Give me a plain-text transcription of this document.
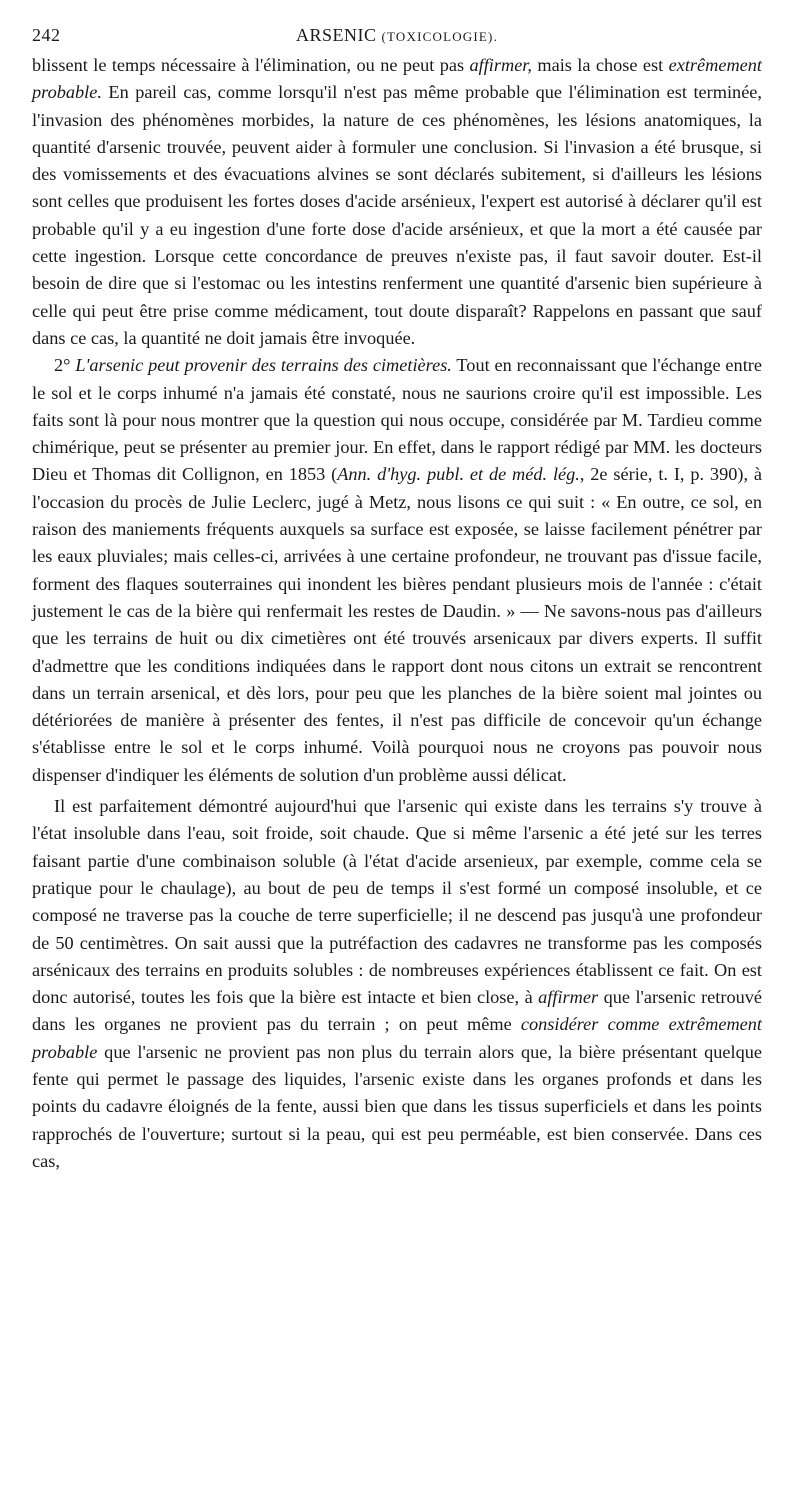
242	ARSENIC (TOXICOLOGIE).

blissent le temps nécessaire à l'élimination, ou ne peut pas affirmer, mais la chose est extrêmement probable. En pareil cas, comme lorsqu'il n'est pas même probable que l'élimination est terminée, l'invasion des phénomènes morbides, la nature de ces phénomènes, les lésions anatomiques, la quantité d'arsenic trouvée, peuvent aider à formuler une conclusion. Si l'invasion a été brusque, si des vomissements et des évacuations alvines se sont déclarés subitement, si d'ailleurs les lésions sont celles que produisent les fortes doses d'acide arsénieux, l'expert est autorisé à déclarer qu'il est probable qu'il y a eu ingestion d'une forte dose d'acide arsénieux, et que la mort a été causée par cette ingestion. Lorsque cette concordance de preuves n'existe pas, il faut savoir douter. Est-il besoin de dire que si l'estomac ou les intestins renferment une quantité d'arsenic bien supérieure à celle qui peut être prise comme médicament, tout doute disparaît? Rappelons en passant que sauf dans ce cas, la quantité ne doit jamais être invoquée.

2° L'arsenic peut provenir des terrains des cimetières. Tout en reconnaissant que l'échange entre le sol et le corps inhumé n'a jamais été constaté, nous ne saurions croire qu'il est impossible. Les faits sont là pour nous montrer que la question qui nous occupe, considérée par M. Tardieu comme chimérique, peut se présenter au premier jour. En effet, dans le rapport rédigé par MM. les docteurs Dieu et Thomas dit Collignon, en 1853 (Ann. d'hyg. publ. et de méd. lég., 2e série, t. I, p. 390), à l'occasion du procès de Julie Leclerc, jugé à Metz, nous lisons ce qui suit : « En outre, ce sol, en raison des maniements fréquents auxquels sa surface est exposée, se laisse facilement pénétrer par les eaux pluviales; mais celles-ci, arrivées à une certaine profondeur, ne trouvant pas d'issue facile, forment des flaques souterraines qui inondent les bières pendant plusieurs mois de l'année : c'était justement le cas de la bière qui renfermait les restes de Daudin. » — Ne savons-nous pas d'ailleurs que les terrains de huit ou dix cimetières ont été trouvés arsenicaux par divers experts. Il suffit d'admettre que les conditions indiquées dans le rapport dont nous citons un extrait se rencontrent dans un terrain arsenical, et dès lors, pour peu que les planches de la bière soient mal jointes ou détériorées de manière à présenter des fentes, il n'est pas difficile de concevoir qu'un échange s'établisse entre le sol et le corps inhumé. Voilà pourquoi nous ne croyons pas pouvoir nous dispenser d'indiquer les éléments de solution d'un problème aussi délicat.

Il est parfaitement démontré aujourd'hui que l'arsenic qui existe dans les terrains s'y trouve à l'état insoluble dans l'eau, soit froide, soit chaude. Que si même l'arsenic a été jeté sur les terres faisant partie d'une combinaison soluble (à l'état d'acide arsenieux, par exemple, comme cela se pratique pour le chaulage), au bout de peu de temps il s'est formé un composé insoluble, et ce composé ne traverse pas la couche de terre superficielle; il ne descend pas jusqu'à une profondeur de 50 centimètres. On sait aussi que la putréfaction des cadavres ne transforme pas les composés arsénicaux des terrains en produits solubles : de nombreuses expériences établissent ce fait. On est donc autorisé, toutes les fois que la bière est intacte et bien close, à affirmer que l'arsenic retrouvé dans les organes ne provient pas du terrain ; on peut même considérer comme extrêmement probable que l'arsenic ne provient pas non plus du terrain alors que, la bière présentant quelque fente qui permet le passage des liquides, l'arsenic existe dans les organes profonds et dans les points du cadavre éloignés de la fente, aussi bien que dans les tissus superficiels et dans les points rapprochés de l'ouverture; surtout si la peau, qui est peu perméable, est bien conservée. Dans ces cas,
